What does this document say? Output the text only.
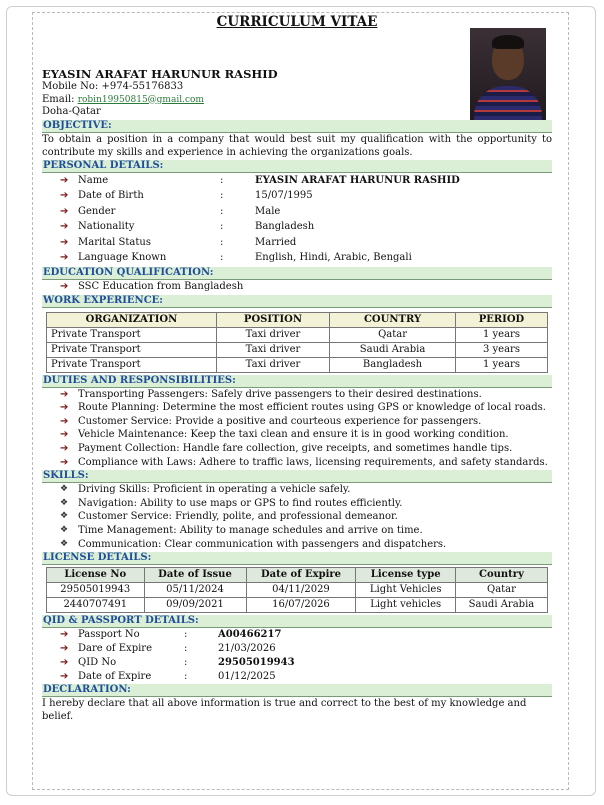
CURRICULUM VITAE
EYASIN ARAFAT HARUNUR RASHID
Mobile No: +974-55176833
Email: robin19950815@gmail.com
Doha-Qatar
OBJECTIVE:
To obtain a position in a company that would best suit my qualification with the opportunity to contribute my skills and experience in achieving the organizations goals.
PERSONAL DETAILS:
➔ Name	:	EYASIN ARAFAT HARUNUR RASHID
➔ Date of Birth	:	15/07/1995
➔ Gender	:	Male
➔ Nationality	:	Bangladesh
➔ Marital Status	:	Married
➔ Language Known	:	English, Hindi, Arabic, Bengali
EDUCATION QUALIFICATION:
➔ SSC Education from Bangladesh
WORK EXPERIENCE:
ORGANIZATION	POSITION	COUNTRY	PERIOD
Private Transport	Taxi driver	Qatar	1 years
Private Transport	Taxi driver	Saudi Arabia	3 years
Private Transport	Taxi driver	Bangladesh	1 years
DUTIES AND RESPONSIBILITIES:
➔ Transporting Passengers: Safely drive passengers to their desired destinations.
➔ Route Planning: Determine the most efficient routes using GPS or knowledge of local roads.
➔ Customer Service: Provide a positive and courteous experience for passengers.
➔ Vehicle Maintenance: Keep the taxi clean and ensure it is in good working condition.
➔ Payment Collection: Handle fare collection, give receipts, and sometimes handle tips.
➔ Compliance with Laws: Adhere to traffic laws, licensing requirements, and safety standards.
SKILLS:
❖ Driving Skills: Proficient in operating a vehicle safely.
❖ Navigation: Ability to use maps or GPS to find routes efficiently.
❖ Customer Service: Friendly, polite, and professional demeanor.
❖ Time Management: Ability to manage schedules and arrive on time.
❖ Communication: Clear communication with passengers and dispatchers.
LICENSE DETAILS:
License No	Date of Issue	Date of Expire	License type	Country
29505019943	05/11/2024	04/11/2029	Light Vehicles	Qatar
2440707491	09/09/2021	16/07/2026	Light vehicles	Saudi Arabia
QID & PASSPORT DETAILS:
➔ Passport No	:	A00466217
➔ Dare of Expire	:	21/03/2026
➔ QID No	:	29505019943
➔ Date of Expire	:	01/12/2025
DECLARATION:
I hereby declare that all above information is true and correct to the best of my knowledge and belief.
